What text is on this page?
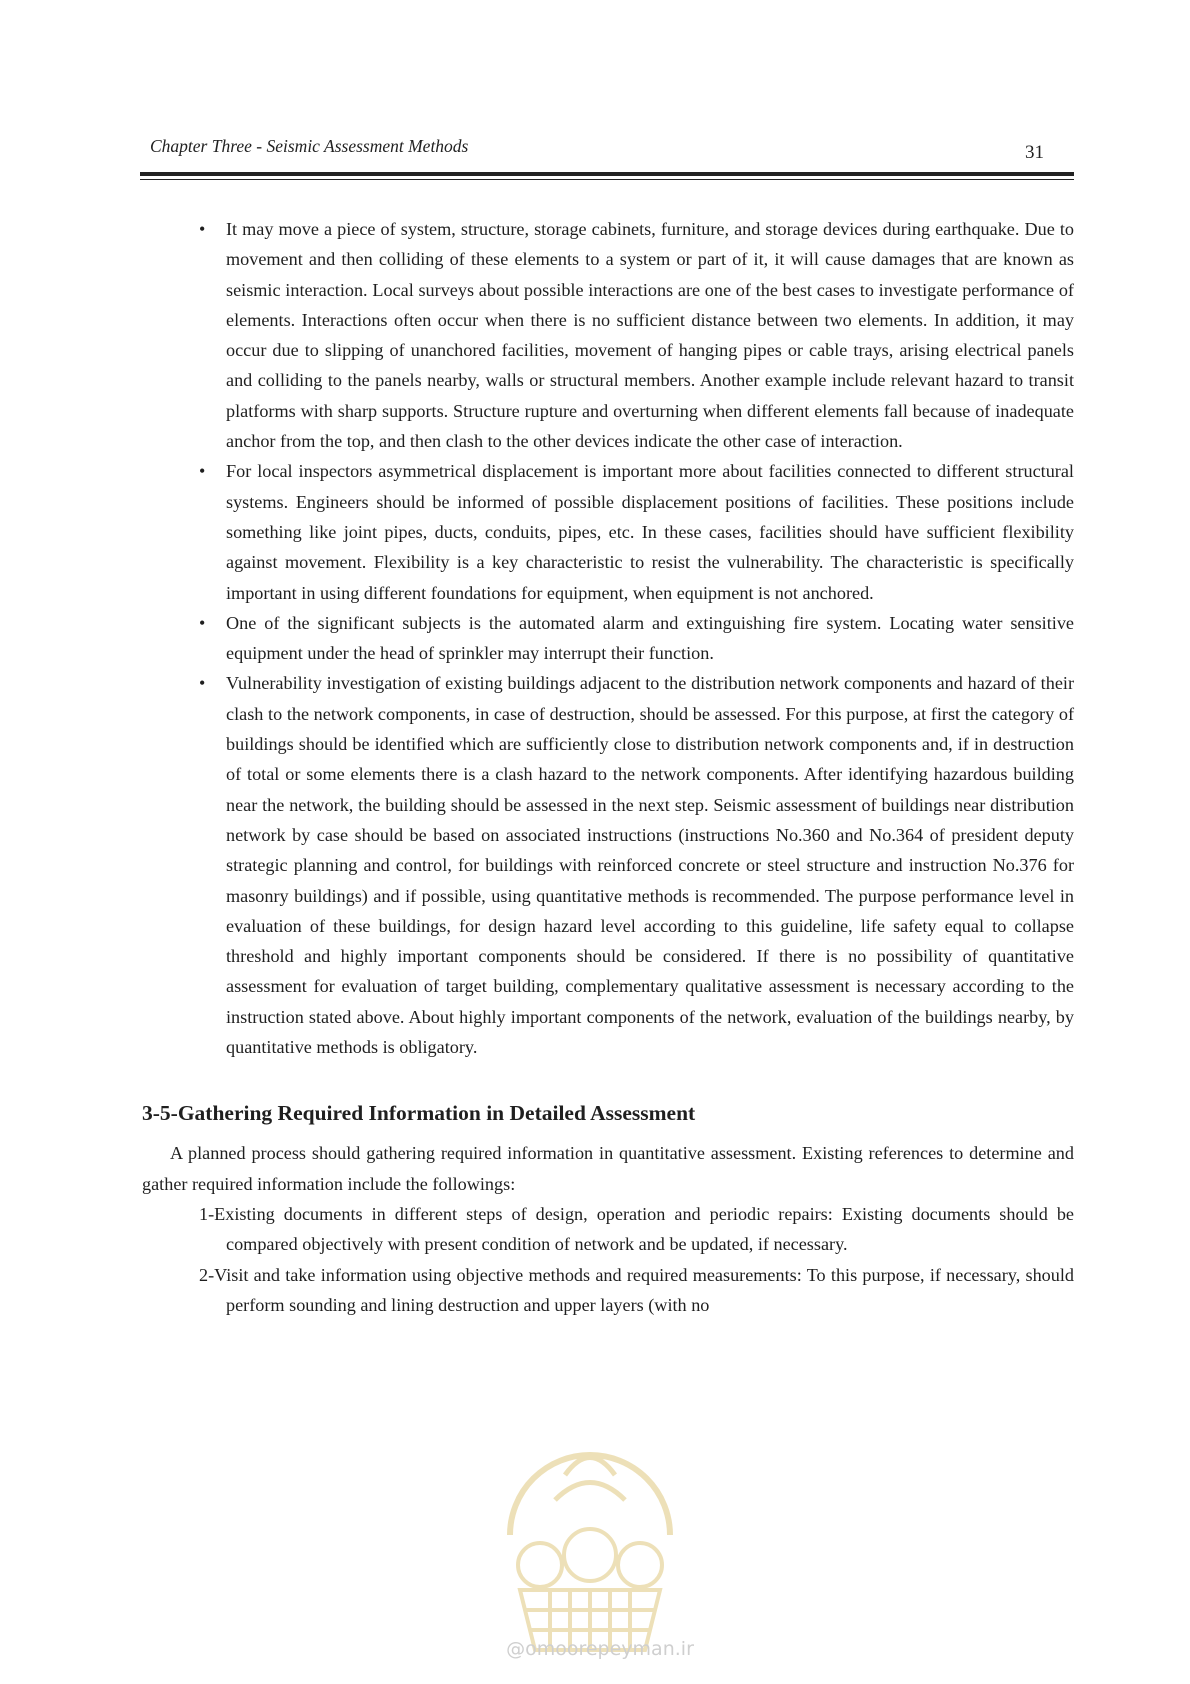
Chapter Three - Seismic Assessment Methods	31
• It may move a piece of system, structure, storage cabinets, furniture, and storage devices during earthquake. Due to movement and then colliding of these elements to a system or part of it, it will cause damages that are known as seismic interaction. Local surveys about possible interactions are one of the best cases to investigate performance of elements. Interactions often occur when there is no sufficient distance between two elements. In addition, it may occur due to slipping of unanchored facilities, movement of hanging pipes or cable trays, arising electrical panels and colliding to the panels nearby, walls or structural members. Another example include relevant hazard to transit platforms with sharp supports. Structure rupture and overturning when different elements fall because of inadequate anchor from the top, and then clash to the other devices indicate the other case of interaction.
• For local inspectors asymmetrical displacement is important more about facilities connected to different structural systems. Engineers should be informed of possible displacement positions of facilities. These positions include something like joint pipes, ducts, conduits, pipes, etc. In these cases, facilities should have sufficient flexibility against movement. Flexibility is a key characteristic to resist the vulnerability. The characteristic is specifically important in using different foundations for equipment, when equipment is not anchored.
• One of the significant subjects is the automated alarm and extinguishing fire system. Locating water sensitive equipment under the head of sprinkler may interrupt their function.
• Vulnerability investigation of existing buildings adjacent to the distribution network components and hazard of their clash to the network components, in case of destruction, should be assessed. For this purpose, at first the category of buildings should be identified which are sufficiently close to distribution network components and, if in destruction of total or some elements there is a clash hazard to the network components. After identifying hazardous building near the network, the building should be assessed in the next step. Seismic assessment of buildings near distribution network by case should be based on associated instructions (instructions No.360 and No.364 of president deputy strategic planning and control, for buildings with reinforced concrete or steel structure and instruction No.376 for masonry buildings) and if possible, using quantitative methods is recommended. The purpose performance level in evaluation of these buildings, for design hazard level according to this guideline, life safety equal to collapse threshold and highly important components should be considered. If there is no possibility of quantitative assessment for evaluation of target building, complementary qualitative assessment is necessary according to the instruction stated above. About highly important components of the network, evaluation of the buildings nearby, by quantitative methods is obligatory.
3-5-Gathering Required Information in Detailed Assessment

A planned process should gathering required information in quantitative assessment. Existing references to determine and gather required information include the followings:

1-Existing documents in different steps of design, operation and periodic repairs: Existing documents should be compared objectively with present condition of network and be updated, if necessary.
2-Visit and take information using objective methods and required measurements: To this purpose, if necessary, should perform sounding and lining destruction and upper layers (with no
@omoorepeyman.ir
